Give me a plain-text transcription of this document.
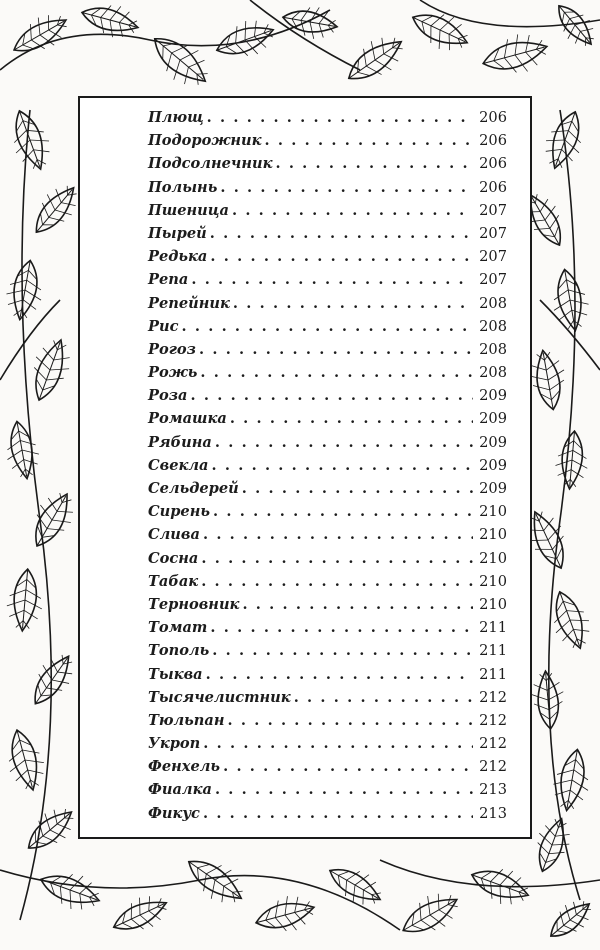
Плющ . . .	206
Подорожник . . .	206
Подсолнечник . . .	206
Полынь . . .	206
Пшеница . . .	207
Пырей . . .	207
Редька . . .	207
Репа . . .	207
Репейник . . .	208
Рис . . .	208
Рогоз . . .	208
Рожь . . .	208
Роза . . .	209
Ромашка . . .	209
Рябина . . .	209
Свекла . . .	209
Сельдерей . . .	209
Сирень . . .	210
Слива . . .	210
Сосна . . .	210
Табак . . .	210
Терновник . . .	210
Томат . . .	211
Тополь . . .	211
Тыква . . .	211
Тысячелистник . . .	212
Тюльпан . . .	212
Укроп . . .	212
Фенхель . . .	212
Фиалка . . .	213
Фикус . . .	213
